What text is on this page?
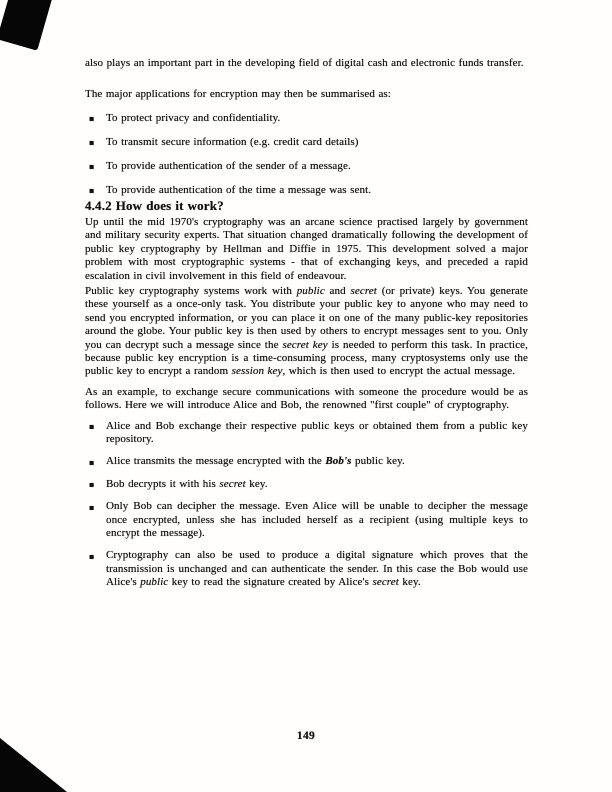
also plays an important part in the developing field of digital cash and electronic funds transfer.

The major applications for encryption may then be summarised as:

▪ To protect privacy and confidentiality.
▪ To transmit secure information (e.g. credit card details)
▪ To provide authentication of the sender of a message.
▪ To provide authentication of the time a message was sent.
4.4.2 How does it work?

Up until the mid 1970's cryptography was an arcane science practised largely by government and military security experts. That situation changed dramatically following the development of public key cryptography by Hellman and Diffie in 1975. This development solved a major problem with most cryptographic systems - that of exchanging keys, and preceded a rapid escalation in civil involvement in this field of endeavour.

Public key cryptography systems work with public and secret (or private) keys. You generate these yourself as a once-only task. You distribute your public key to anyone who may need to send you encrypted information, or you can place it on one of the many public-key repositories around the globe. Your public key is then used by others to encrypt messages sent to you. Only you can decrypt such a message since the secret key is needed to perform this task. In practice, because public key encryption is a time-consuming process, many cryptosystems only use the public key to encrypt a random session key, which is then used to encrypt the actual message.

As an example, to exchange secure communications with someone the procedure would be as follows. Here we will introduce Alice and Bob, the renowned "first couple" of cryptography.

▪ Alice and Bob exchange their respective public keys or obtained them from a public key repository.
▪ Alice transmits the message encrypted with the Bob's public key.
▪ Bob decrypts it with his secret key.
▪ Only Bob can decipher the message. Even Alice will be unable to decipher the message once encrypted, unless she has included herself as a recipient (using multiple keys to encrypt the message).
▪ Cryptography can also be used to produce a digital signature which proves that the transmission is unchanged and can authenticate the sender. In this case the Bob would use Alice's public key to read the signature created by Alice's secret key.
149
